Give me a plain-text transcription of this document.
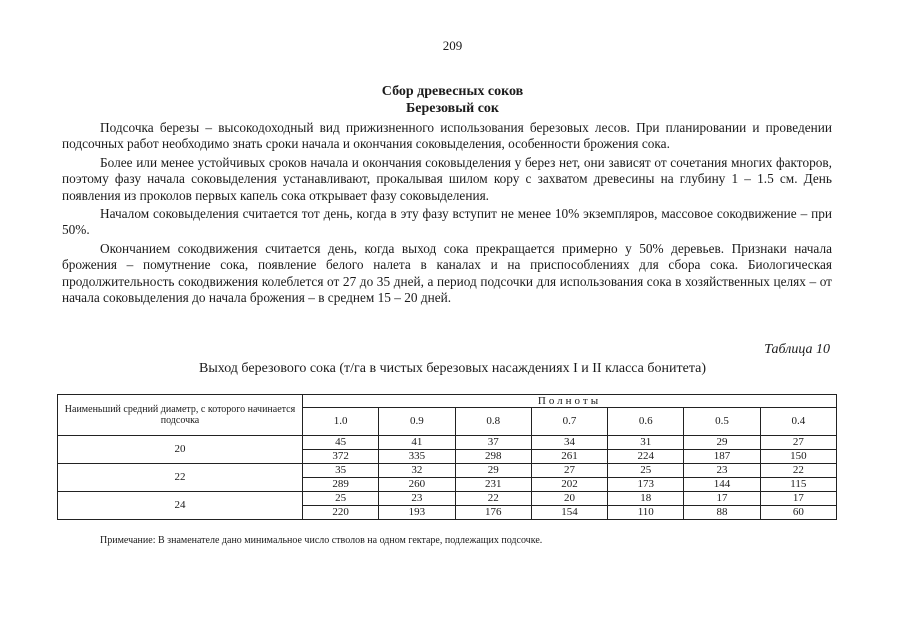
209
Сбор древесных соков
Березовый сок

Подсочка березы – высокодоходный вид прижизненного использования березовых лесов. При планировании и проведении подсочных работ необходимо знать сроки начала и окончания соковыделения, особенности брожения сока.

Более или менее устойчивых сроков начала и окончания соковыделения у берез нет, они зависят от сочетания многих факторов, поэтому фазу начала соковыделения устанавливают, прокалывая шилом кору с захватом древесины на глубину 1 – 1.5 см. День появления из проколов первых капель сока открывает фазу соковыделения.

Началом соковыделения считается тот день, когда в эту фазу вступит не менее 10% экземпляров, массовое сокодвижение – при 50%.

Окончанием сокодвижения считается день, когда выход сока прекращается примерно у 50% деревьев. Признаки начала брожения – помутнение сока, появление белого налета в каналах и на приспособлениях для сбора сока. Биологическая продолжительность сокодвижения колеблется от 27 до 35 дней, а период подсочки для использования сока в хозяйственных целях – от начала соковыделения до начала брожения – в среднем 15 – 20 дней.

Таблица 10
Выход березового сока (т/га в чистых березовых насаждениях I и II класса бонитета)
Наименьший средний диаметр, с которого начинается подсочка	Полноты						
	1.0	0.9	0.8	0.7	0.6	0.5	0.4
20	45	41	37	34	31	29	27
	372	335	298	261	224	187	150
22	35	32	29	27	25	23	22
	289	260	231	202	173	144	115
24	25	23	22	20	18	17	17
	220	193	176	154	110	88	60
Примечание: В знаменателе дано минимальное число стволов на одном гектаре, подлежащих подсочке.
